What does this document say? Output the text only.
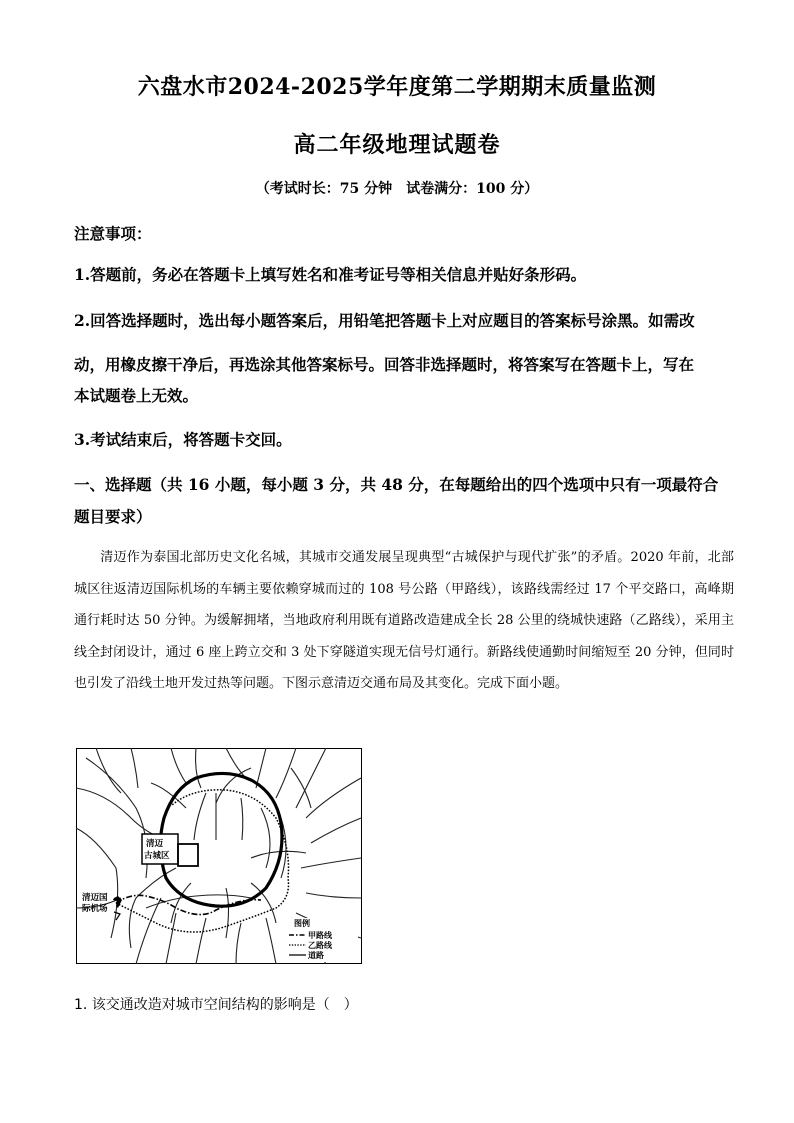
六盘水市2024-2025学年度第二学期期末质量监测
高二年级地理试题卷
（考试时长：75 分钟　试卷满分：100 分）
注意事项：
1.答题前，务必在答题卡上填写姓名和准考证号等相关信息并贴好条形码。
2.回答选择题时，选出每小题答案后，用铅笔把答题卡上对应题目的答案标号涂黑。如需改
动，用橡皮擦干净后，再选涂其他答案标号。回答非选择题时，将答案写在答题卡上，写在
本试题卷上无效。
3.考试结束后，将答题卡交回。
一、选择题（共 16 小题，每小题 3 分，共 48 分，在每题给出的四个选项中只有一项最符合
题目要求）
清迈作为泰国北部历史文化名城，其城市交通发展呈现典型“古城保护与现代扩张”的矛盾。2020 年前，北部城区往返清迈国际机场的车辆主要依赖穿城而过的 108 号公路（甲路线），该路线需经过 17 个平交路口，高峰期通行耗时达 50 分钟。为缓解拥堵，当地政府利用既有道路改造建成全长 28 公里的绕城快速路（乙路线），采用主线全封闭设计，通过 6 座上跨立交和 3 处下穿隧道实现无信号灯通行。新路线使通勤时间缩短至 20 分钟，但同时也引发了沿线土地开发过热等问题。下图示意清迈交通布局及其变化。完成下面小题。
清迈
古城区
清迈国
际机场
图例
甲路线
乙路线
道路
1. 该交通改造对城市空间结构的影响是（　）
